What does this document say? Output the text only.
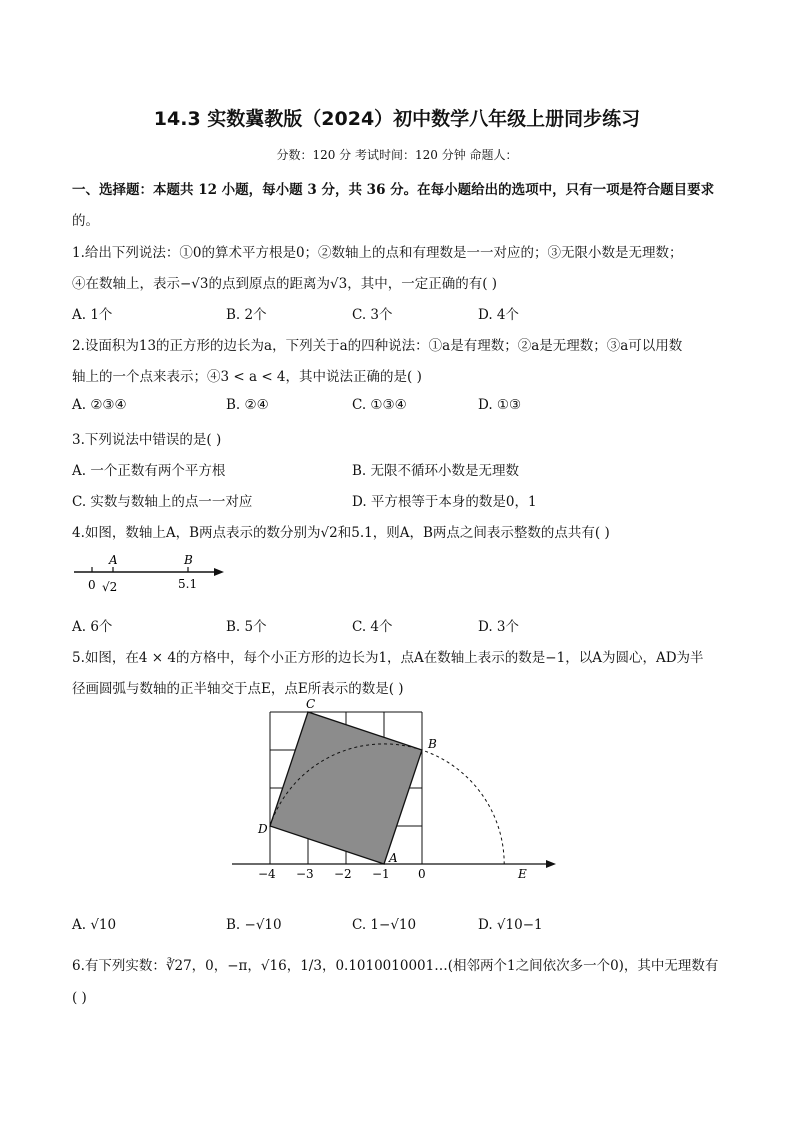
14.3 实数冀教版（2024）初中数学八年级上册同步练习
分数：120 分 考试时间：120 分钟 命题人：
一、选择题：本题共 12 小题，每小题 3 分，共 36 分。在每小题给出的选项中，只有一项是符合题目要求
的。
1.给出下列说法：①0的算术平方根是0；②数轴上的点和有理数是一一对应的；③无限小数是无理数；
④在数轴上，表示−√3的点到原点的距离为√3，其中，一定正确的有( )
A. 1个	B. 2个	C. 3个	D. 4个
2.设面积为13的正方形的边长为a，下列关于a的四种说法：①a是有理数；②a是无理数；③a可以用数
轴上的一个点来表示；④3 < a < 4，其中说法正确的是( )
A. ②③④	B. ②④	C. ①③④	D. ①③
3.下列说法中错误的是( )
A. 一个正数有两个平方根	B. 无限不循环小数是无理数
C. 实数与数轴上的点一一对应	D. 平方根等于本身的数是0，1
4.如图，数轴上A，B两点表示的数分别为√2和5.1，则A，B两点之间表示整数的点共有( )
A	B
0 √2	5.1
A. 6个	B. 5个	C. 4个	D. 3个
5.如图，在4 × 4的方格中，每个小正方形的边长为1，点A在数轴上表示的数是−1，以A为圆心，AD为半
径画圆弧与数轴的正半轴交于点E，点E所表示的数是( )
C
B
D
A
E
−4 −3 −2 −1 0
A. √10	B. −√10	C. 1−√10	D. √10−1
6.有下列实数：∛27，0，−π，√16，1/3，0.1010010001…(相邻两个1之间依次多一个0)，其中无理数有
( )
